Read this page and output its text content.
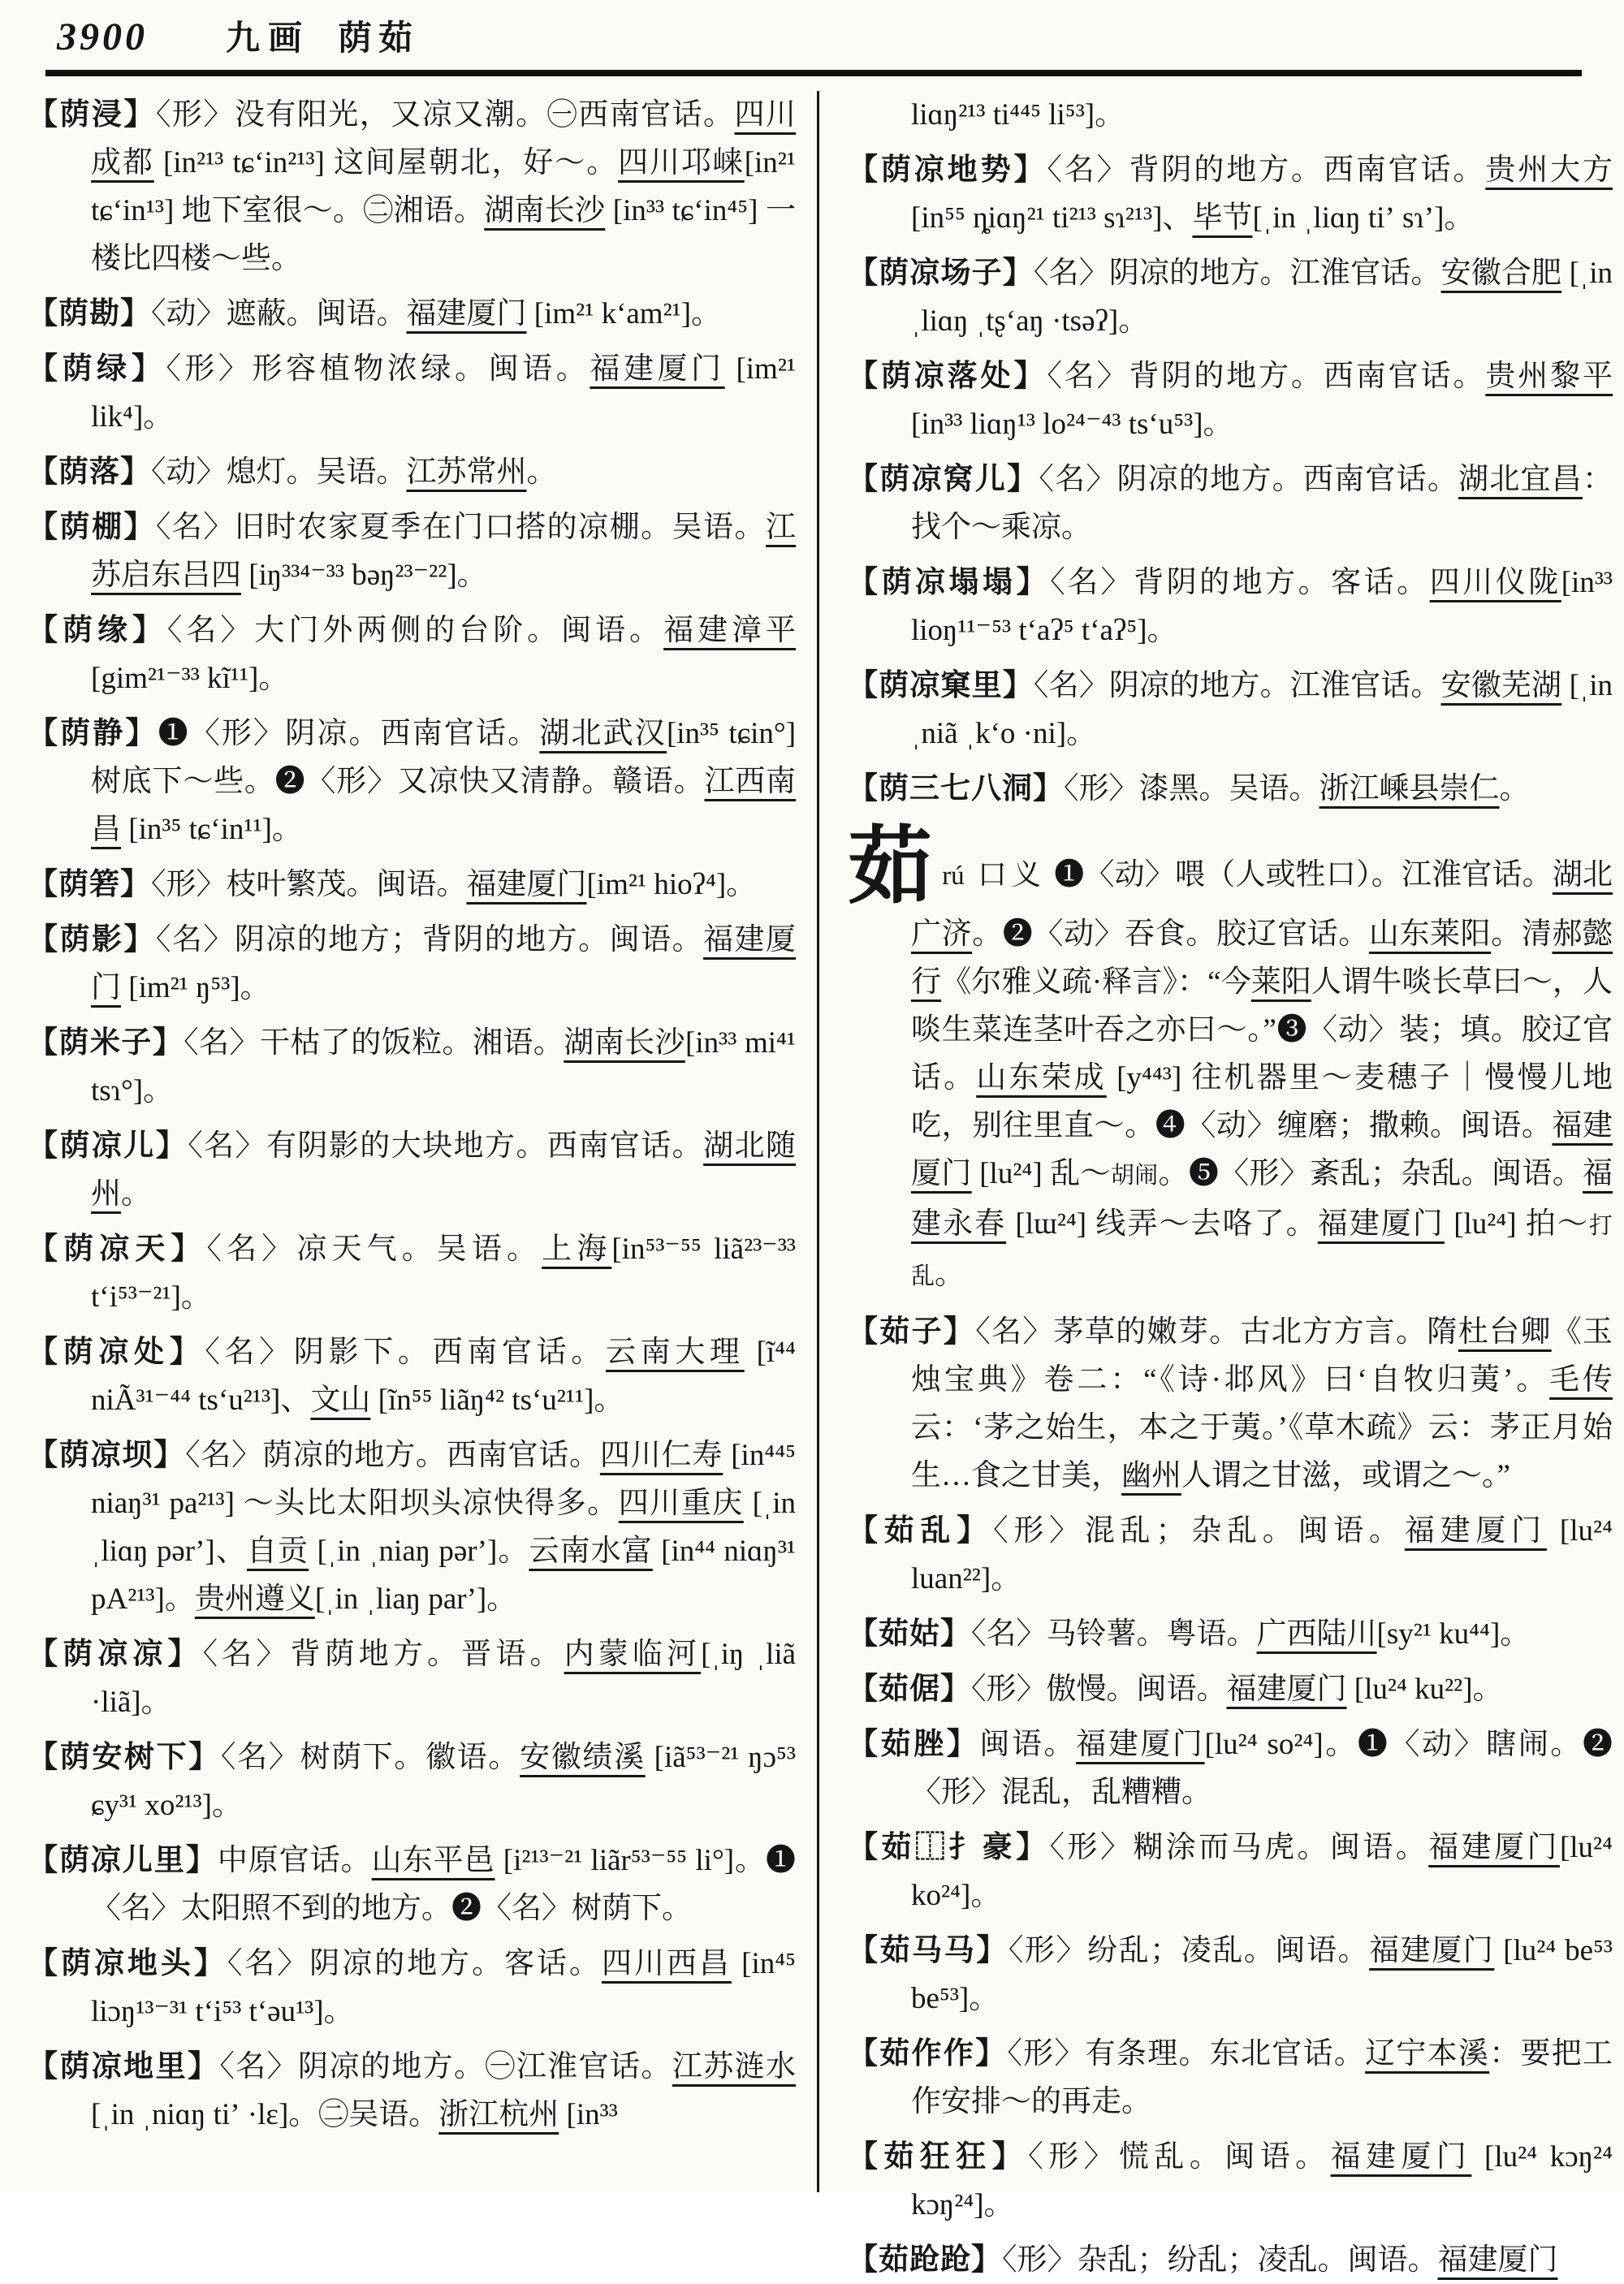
3900 九画 荫茹
【荫浸】〈形〉没有阳光，又凉又潮。㊀西南官话。四川成都 [in²¹³ tɕ‘in²¹³] 这间屋朝北，好～。四川邛崃[in²¹ tɕ‘in¹³] 地下室很～。㊁湘语。湖南长沙 [in³³ tɕ‘in⁴⁵] 一楼比四楼～些。
【荫勘】〈动〉遮蔽。闽语。福建厦门 [im²¹ k‘am²¹]。
【荫绿】〈形〉形容植物浓绿。闽语。福建厦门 [im²¹ lik⁴]。
【荫落】〈动〉熄灯。吴语。江苏常州。
【荫棚】〈名〉旧时农家夏季在门口搭的凉棚。吴语。江苏启东吕四 [iŋ³³⁴⁻³³ bəŋ²³⁻²²]。
【荫缘】〈名〉大门外两侧的台阶。闽语。福建漳平 [gim²¹⁻³³ kĩ¹¹]。
【荫静】❶〈形〉阴凉。西南官话。湖北武汉[in³⁵ tɕin°] 树底下～些。❷〈形〉又凉快又清静。赣语。江西南昌 [in³⁵ tɕ‘in¹¹]。
【荫箬】〈形〉枝叶繁茂。闽语。福建厦门[im²¹ hioʔ⁴]。
【荫影】〈名〉阴凉的地方；背阴的地方。闽语。福建厦门 [im²¹ ŋ⁵³]。
【荫米子】〈名〉干枯了的饭粒。湘语。湖南长沙[in³³ mi⁴¹ tsɿ°]。
【荫凉儿】〈名〉有阴影的大块地方。西南官话。湖北随州。
【荫凉天】〈名〉凉天气。吴语。上海[in⁵³⁻⁵⁵ liã²³⁻³³ t‘i⁵³⁻²¹]。
【荫凉处】〈名〉阴影下。西南官话。云南大理 [ĩ⁴⁴ niÃ³¹⁻⁴⁴ ts‘u²¹³]、文山 [ĩn⁵⁵ liãŋ⁴² ts‘u²¹¹]。
【荫凉坝】〈名〉荫凉的地方。西南官话。四川仁寿 [in⁴⁴⁵ niaŋ³¹ pa²¹³] ～头比太阳坝头凉快得多。四川重庆 [ˌin ˌliɑŋ pərʼ]、自贡 [ˌin ˌniaŋ pərʼ]。云南水富 [in⁴⁴ niɑŋ³¹ pA²¹³]。贵州遵义[ˌin ˌliaŋ parʼ]。
【荫凉凉】〈名〉背荫地方。晋语。内蒙临河[ˌiŋ ˌliã ·liã]。
【荫安树下】〈名〉树荫下。徽语。安徽绩溪 [iã⁵³⁻²¹ ŋɔ⁵³ ɕy³¹ xo²¹³]。
【荫凉儿里】中原官话。山东平邑 [i²¹³⁻²¹ liãr⁵³⁻⁵⁵ li°]。❶〈名〉太阳照不到的地方。❷〈名〉树荫下。
【荫凉地头】〈名〉阴凉的地方。客话。四川西昌 [in⁴⁵ liɔŋ¹³⁻³¹ t‘i⁵³ t‘əu¹³]。
【荫凉地里】〈名〉阴凉的地方。㊀江淮官话。江苏涟水 [ˌin ˌniɑŋ tiʼ ·lɛ]。㊁吴语。浙江杭州 [in³³
liɑŋ²¹³ ti⁴⁴⁵ li⁵³]。
【荫凉地势】〈名〉背阴的地方。西南官话。贵州大方 [in⁵⁵ ȵiɑŋ²¹ ti²¹³ sɿ²¹³]、毕节[ˌin ˌliɑŋ tiʼ sɿʼ]。
【荫凉场子】〈名〉阴凉的地方。江淮官话。安徽合肥 [ˌin ˌliɑŋ ˌtʂ‘aŋ ·tsəʔ]。
【荫凉落处】〈名〉背阴的地方。西南官话。贵州黎平 [in³³ liɑŋ¹³ lo²⁴⁻⁴³ ts‘u⁵³]。
【荫凉窝儿】〈名〉阴凉的地方。西南官话。湖北宜昌：找个～乘凉。
【荫凉塌塌】〈名〉背阴的地方。客话。四川仪陇[in³³ lioŋ¹¹⁻⁵³ t‘aʔ⁵ t‘aʔ⁵]。
【荫凉窠里】〈名〉阴凉的地方。江淮官话。安徽芜湖 [ˌin ˌniã ˌk‘o ·ni]。
【荫三七八洞】〈形〉漆黑。吴语。浙江嵊县崇仁。
茹rú 口义 ❶〈动〉喂（人或牲口）。江淮官话。湖北广济。❷〈动〉吞食。胶辽官话。山东莱阳。清郝懿行《尔雅义疏·释言》：“今莱阳人谓牛啖长草曰～，人啖生菜连茎叶吞之亦曰～。”❸〈动〉装；填。胶辽官话。山东荣成 [y⁴⁴³] 往机器里～麦穗子｜慢慢儿地吃，别往里直～。❹〈动〉缠磨；撒赖。闽语。福建厦门 [lu²⁴] 乱～胡闹。❺〈形〉紊乱；杂乱。闽语。福建永春 [lɯ²⁴] 线弄～去咯了。福建厦门 [lu²⁴] 拍～打乱。
【茹子】〈名〉茅草的嫩芽。古北方方言。隋杜台卿《玉烛宝典》卷二：“《诗·邶风》曰‘自牧归荑’。毛传云：‘茅之始生，本之于荑。’《草木疏》云：茅正月始生…食之甘美，幽州人谓之甘滋，或谓之～。”
【茹乱】〈形〉混乱；杂乱。闽语。福建厦门 [lu²⁴ luan²²]。
【茹姑】〈名〉马铃薯。粤语。广西陆川[sy²¹ ku⁴⁴]。
【茹倨】〈形〉傲慢。闽语。福建厦门 [lu²⁴ ku²²]。
【茹脞】闽语。福建厦门[lu²⁴ so²⁴]。❶〈动〉瞎闹。❷〈形〉混乱，乱糟糟。
【茹⿰扌豪】〈形〉糊涂而马虎。闽语。福建厦门[lu²⁴ ko²⁴]。
【茹马马】〈形〉纷乱；凌乱。闽语。福建厦门 [lu²⁴ be⁵³ be⁵³]。
【茹作作】〈形〉有条理。东北官话。辽宁本溪：要把工作安排～的再走。
【茹狂狂】〈形〉慌乱。闽语。福建厦门 [lu²⁴ kɔŋ²⁴ kɔŋ²⁴]。
【茹跄跄】〈形〉杂乱；纷乱；凌乱。闽语。福建厦门
